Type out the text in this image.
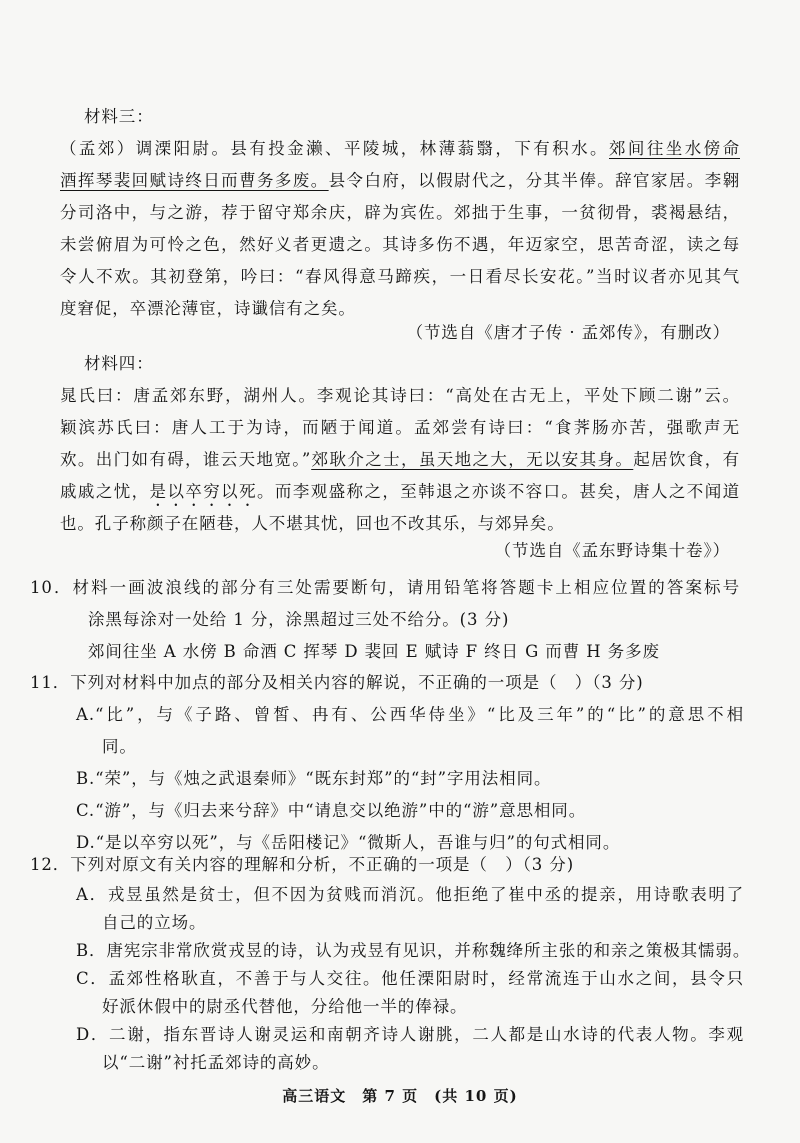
材料三：
（孟郊）调溧阳尉。县有投金濑、平陵城，林薄蓊翳，下有积水。郊间往坐水傍命
酒挥琴裴回赋诗终日而曹务多废。县令白府，以假尉代之，分其半俸。辞官家居。李翱
分司洛中，与之游，荐于留守郑余庆，辟为宾佐。郊拙于生事，一贫彻骨，裘褐悬结，
未尝俯眉为可怜之色，然好义者更遗之。其诗多伤不遇，年迈家空，思苦奇涩，读之每
令人不欢。其初登第，吟曰：“春风得意马蹄疾，一日看尽长安花。”当时议者亦见其气
度窘促，卒漂沦薄宦，诗谶信有之矣。
（节选自《唐才子传 · 孟郊传》，有删改）
材料四：
晁氏曰：唐孟郊东野，湖州人。李观论其诗曰：“高处在古无上，平处下顾二谢”云。
颖滨苏氏曰：唐人工于为诗，而陋于闻道。孟郊尝有诗曰：“食荠肠亦苦，强歌声无
欢。出门如有碍，谁云天地宽。”郊耿介之士，虽天地之大，无以安其身。起居饮食，有
戚戚之忧，是以卒穷以死。而李观盛称之，至韩退之亦谈不容口。甚矣，唐人之不闻道
也。孔子称颜子在陋巷，人不堪其忧，回也不改其乐，与郊异矣。
（节选自《孟东野诗集十卷》）
10．材料一画波浪线的部分有三处需要断句，请用铅笔将答题卡上相应位置的答案标号
涂黑每涂对一处给 1 分，涂黑超过三处不给分。(3 分)
郊间往坐 A 水傍 B 命酒 C 挥琴 D 裴回 E 赋诗 F 终日 G 而曹 H 务多废
11．下列对材料中加点的部分及相关内容的解说，不正确的一项是（　）（3 分)
A.“比”，与《子路、曾皙、冉有、公西华侍坐》“比及三年”的“比”的意思不相
同。
B.“荣”，与《烛之武退秦师》“既东封郑”的“封”字用法相同。
C.“游”，与《归去来兮辞》中“请息交以绝游”中的“游”意思相同。
D.“是以卒穷以死”，与《岳阳楼记》“微斯人，吾谁与归”的句式相同。
12．下列对原文有关内容的理解和分析，不正确的一项是（　）（3 分)
A．戎昱虽然是贫士，但不因为贫贱而消沉。他拒绝了崔中丞的提亲，用诗歌表明了
自己的立场。
B．唐宪宗非常欣赏戎昱的诗，认为戎昱有见识，并称魏绛所主张的和亲之策极其懦弱。
C．孟郊性格耿直，不善于与人交往。他任溧阳尉时，经常流连于山水之间，县令只
好派休假中的尉丞代替他，分给他一半的俸禄。
D．二谢，指东晋诗人谢灵运和南朝齐诗人谢朓，二人都是山水诗的代表人物。李观
高三语文　第 7 页　(共 10 页)
以“二谢”衬托孟郊诗的高妙。
